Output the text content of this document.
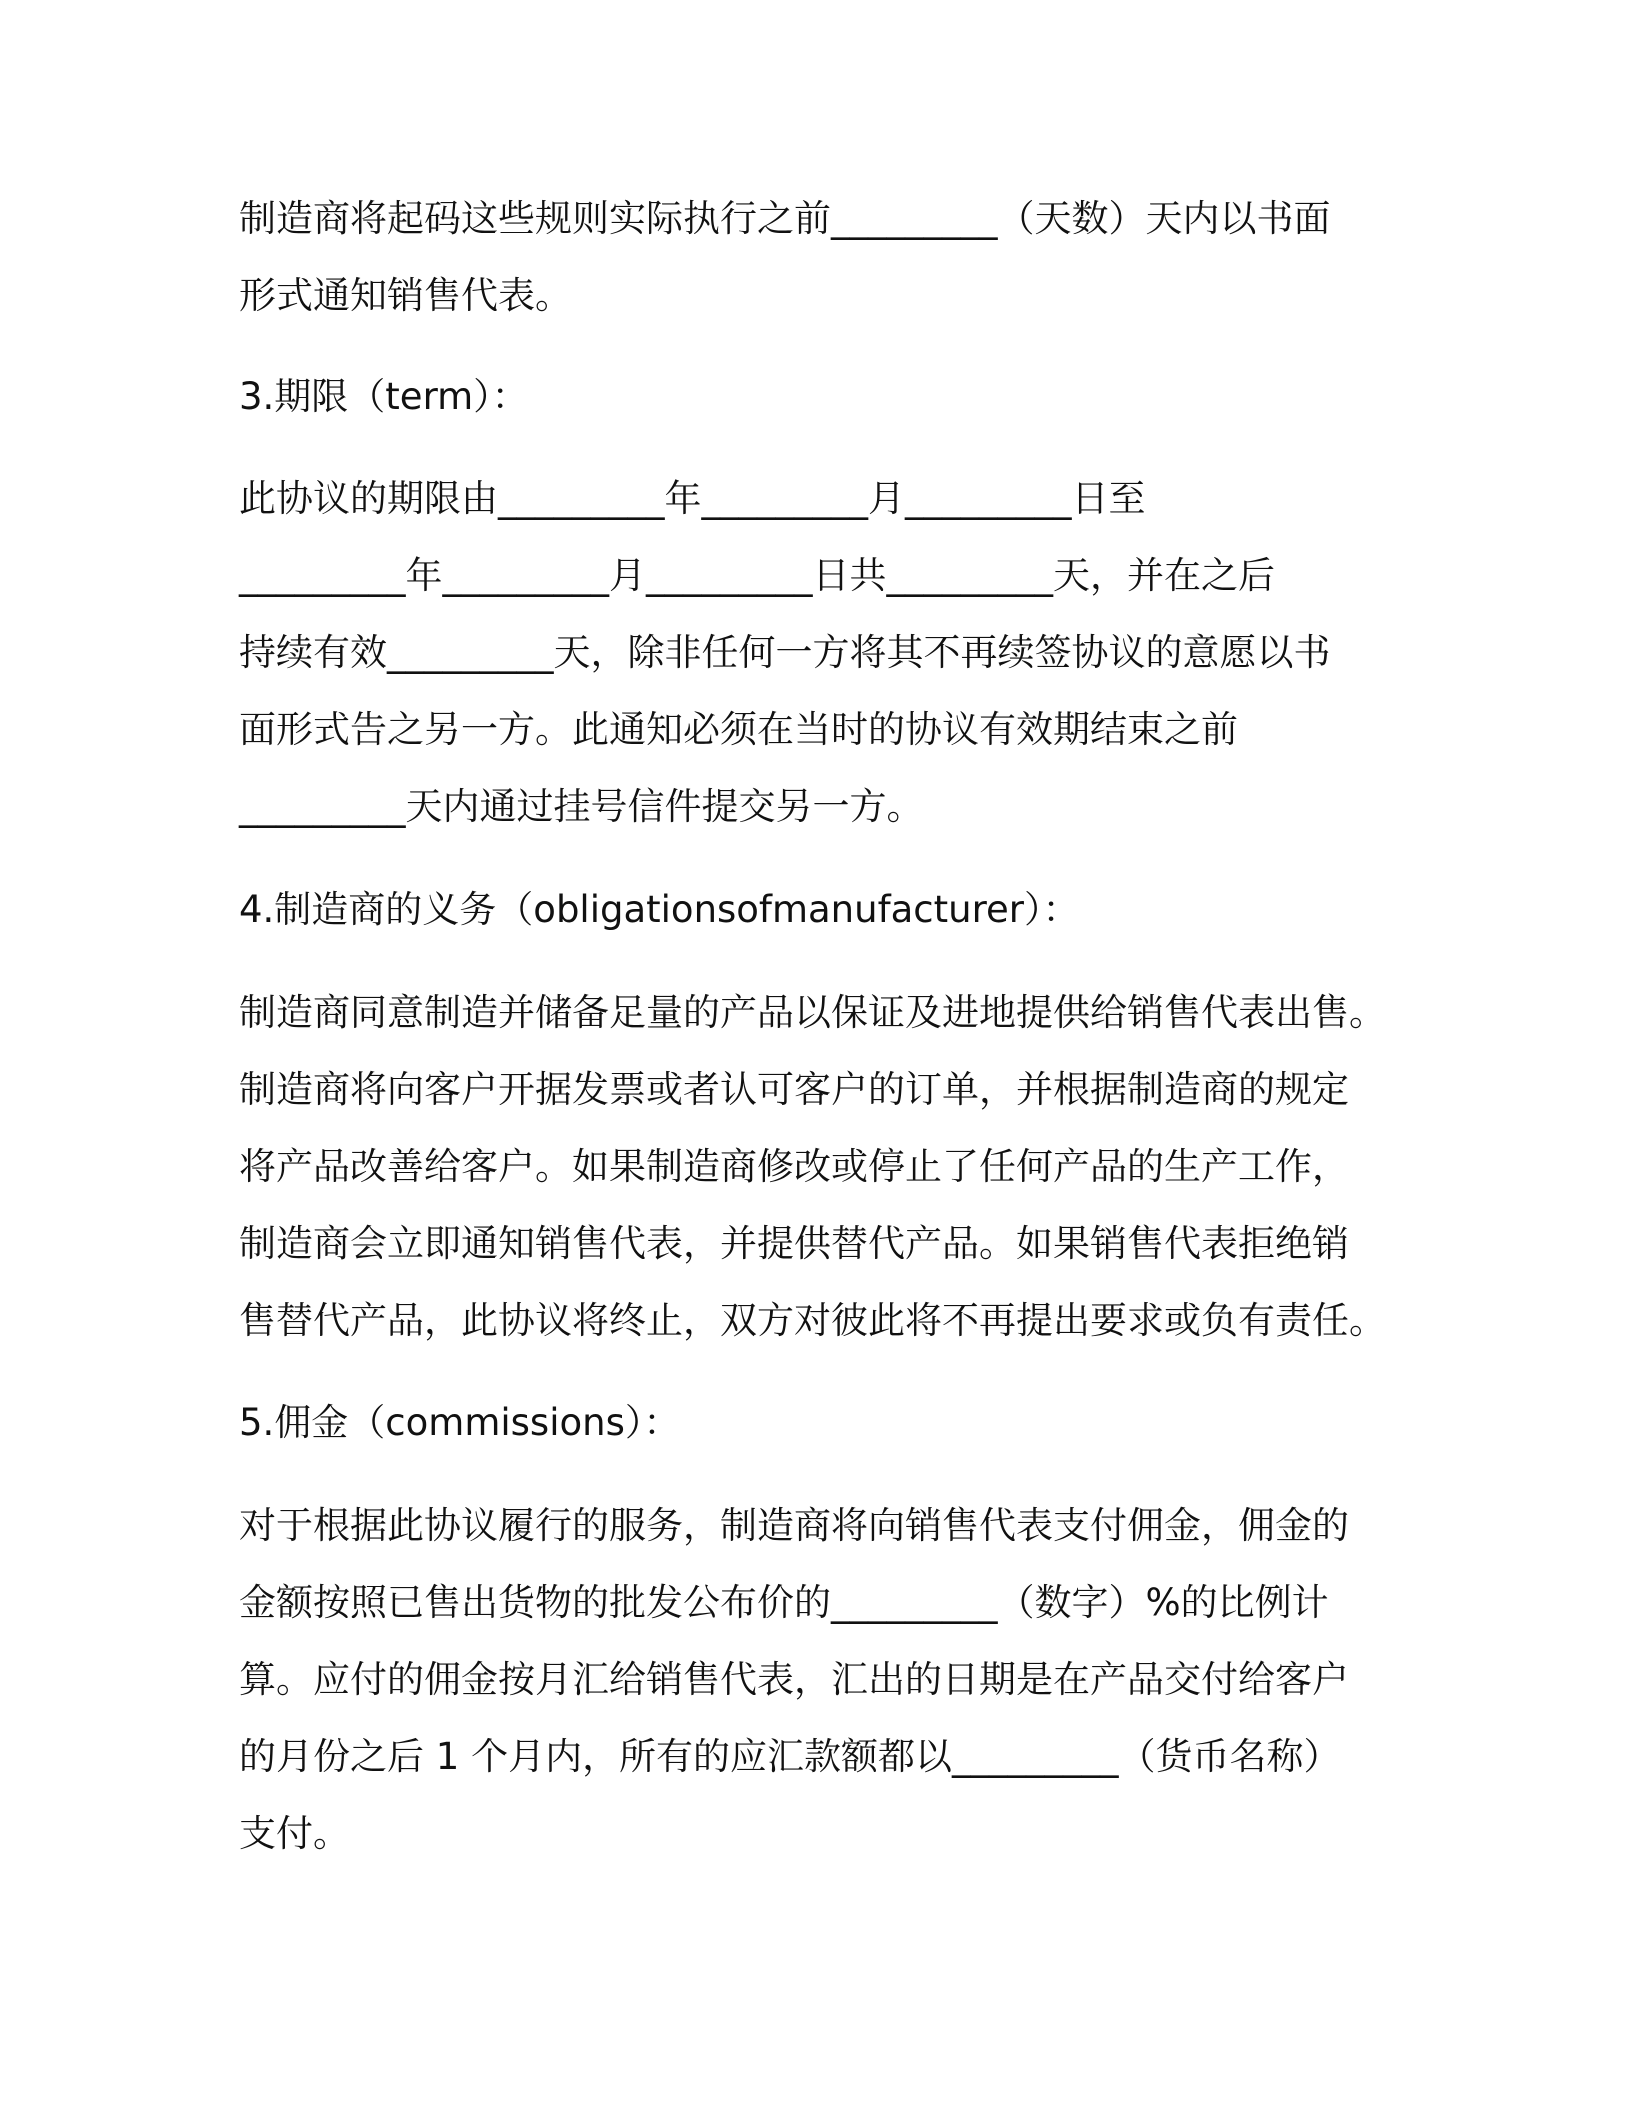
制造商将起码这些规则实际执行之前_________（天数）天内以书面
形式通知销售代表。
3.期限（term）：
此协议的期限由_________年_________月_________日至
_________年_________月_________日共_________天，并在之后
持续有效_________天，除非任何一方将其不再续签协议的意愿以书
面形式告之另一方。此通知必须在当时的协议有效期结束之前
_________天内通过挂号信件提交另一方。
4.制造商的义务（obligationsofmanufacturer）：
制造商同意制造并储备足量的产品以保证及进地提供给销售代表出售。
制造商将向客户开据发票或者认可客户的订单，并根据制造商的规定
将产品改善给客户。如果制造商修改或停止了任何产品的生产工作，
制造商会立即通知销售代表，并提供替代产品。如果销售代表拒绝销
售替代产品，此协议将终止，双方对彼此将不再提出要求或负有责任。
5.佣金（commissions）：
对于根据此协议履行的服务，制造商将向销售代表支付佣金，佣金的
金额按照已售出货物的批发公布价的_________（数字）%的比例计
算。应付的佣金按月汇给销售代表，汇出的日期是在产品交付给客户
的月份之后 1 个月内，所有的应汇款额都以_________（货币名称）
支付。
